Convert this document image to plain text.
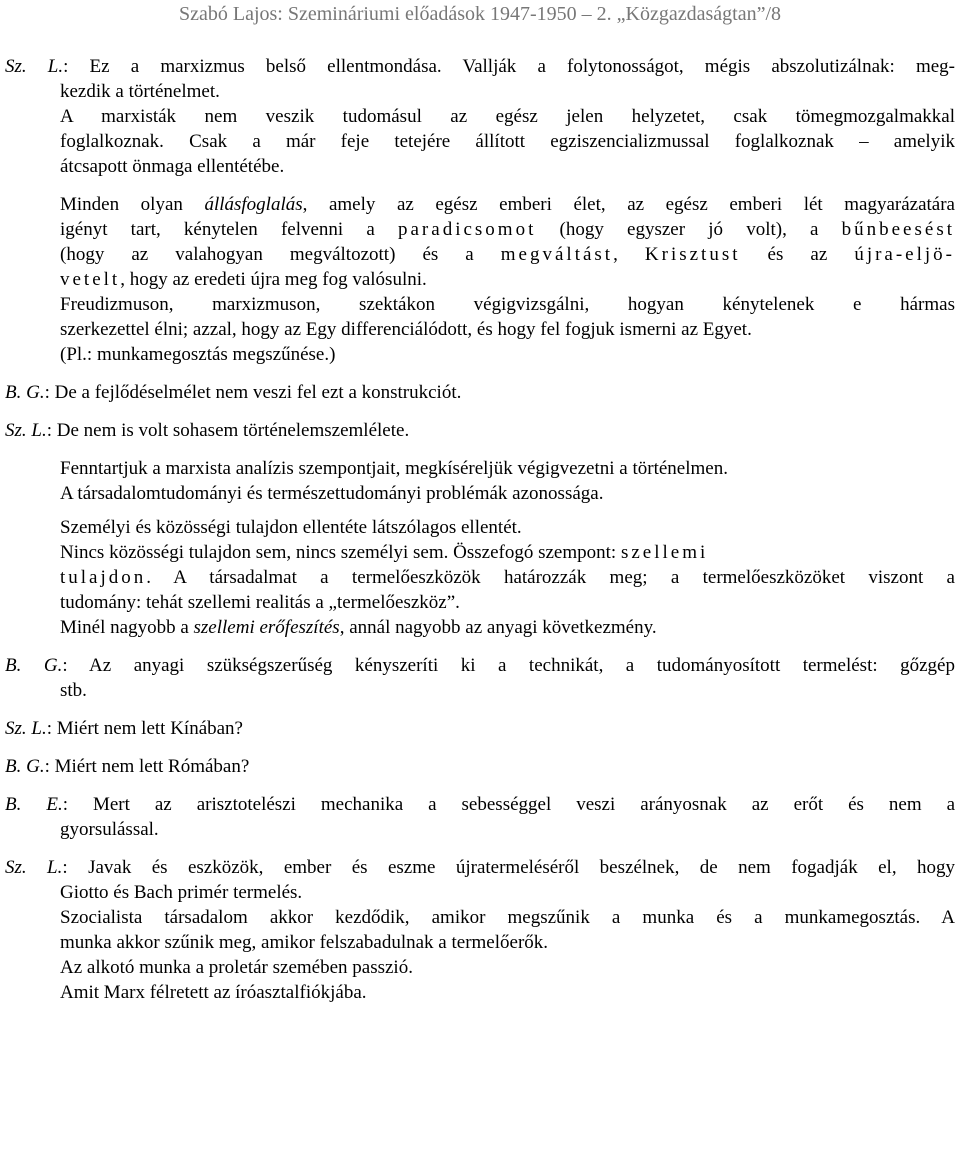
Szabó Lajos: Szemináriumi előadások 1947-1950 – 2. „Közgazdaságtan”/8
Sz. L.: Ez a marxizmus belső ellentmondása. Vallják a folytonosságot, mégis abszolutizálnak: meg-
kezdik a történelmet.
A marxisták nem veszik tudomásul az egész jelen helyzetet, csak tömegmozgalmakkal
foglalkoznak. Csak a már feje tetejére állított egziszencializmussal foglalkoznak – amelyik
átcsapott önmaga ellentétébe.
Minden olyan állásfoglalás, amely az egész emberi élet, az egész emberi lét magyarázatára
igényt tart, kénytelen felvenni a paradicsomot (hogy egyszer jó volt), a bűnbeesést
(hogy az valahogyan megváltozott) és a megváltást, Krisztust és az újra-eljö-
vetelt, hogy az eredeti újra meg fog valósulni.
Freudizmuson, marxizmuson, szektákon végigvizsgálni, hogyan kénytelenek e hármas
szerkezettel élni; azzal, hogy az Egy differenciálódott, és hogy fel fogjuk ismerni az Egyet.
(Pl.: munkamegosztás megszűnése.)
B. G.: De a fejlődéselmélet nem veszi fel ezt a konstrukciót.
Sz. L.: De nem is volt sohasem történelemszemlélete.
Fenntartjuk a marxista analízis szempontjait, megkíséreljük végigvezetni a történelmen.
A társadalomtudományi és természettudományi problémák azonossága.
Személyi és közösségi tulajdon ellentéte látszólagos ellentét.
Nincs közösségi tulajdon sem, nincs személyi sem. Összefogó szempont: szellemi
tulajdon. A társadalmat a termelőeszközök határozzák meg; a termelőeszközöket viszont a
tudomány: tehát szellemi realitás a „termelőeszköz”.
Minél nagyobb a szellemi erőfeszítés, annál nagyobb az anyagi következmény.
B. G.: Az anyagi szükségszerűség kényszeríti ki a technikát, a tudományosított termelést: gőzgép
stb.
Sz. L.: Miért nem lett Kínában?
B. G.: Miért nem lett Rómában?
B. E.: Mert az arisztotelészi mechanika a sebességgel veszi arányosnak az erőt és nem a
gyorsulással.
Sz. L.: Javak és eszközök, ember és eszme újratermeléséről beszélnek, de nem fogadják el, hogy
Giotto és Bach primér termelés.
Szocialista társadalom akkor kezdődik, amikor megszűnik a munka és a munkamegosztás. A
munka akkor szűnik meg, amikor felszabadulnak a termelőerők.
Az alkotó munka a proletár szemében passzió.
Amit Marx félretett az íróasztalfiókjába.
